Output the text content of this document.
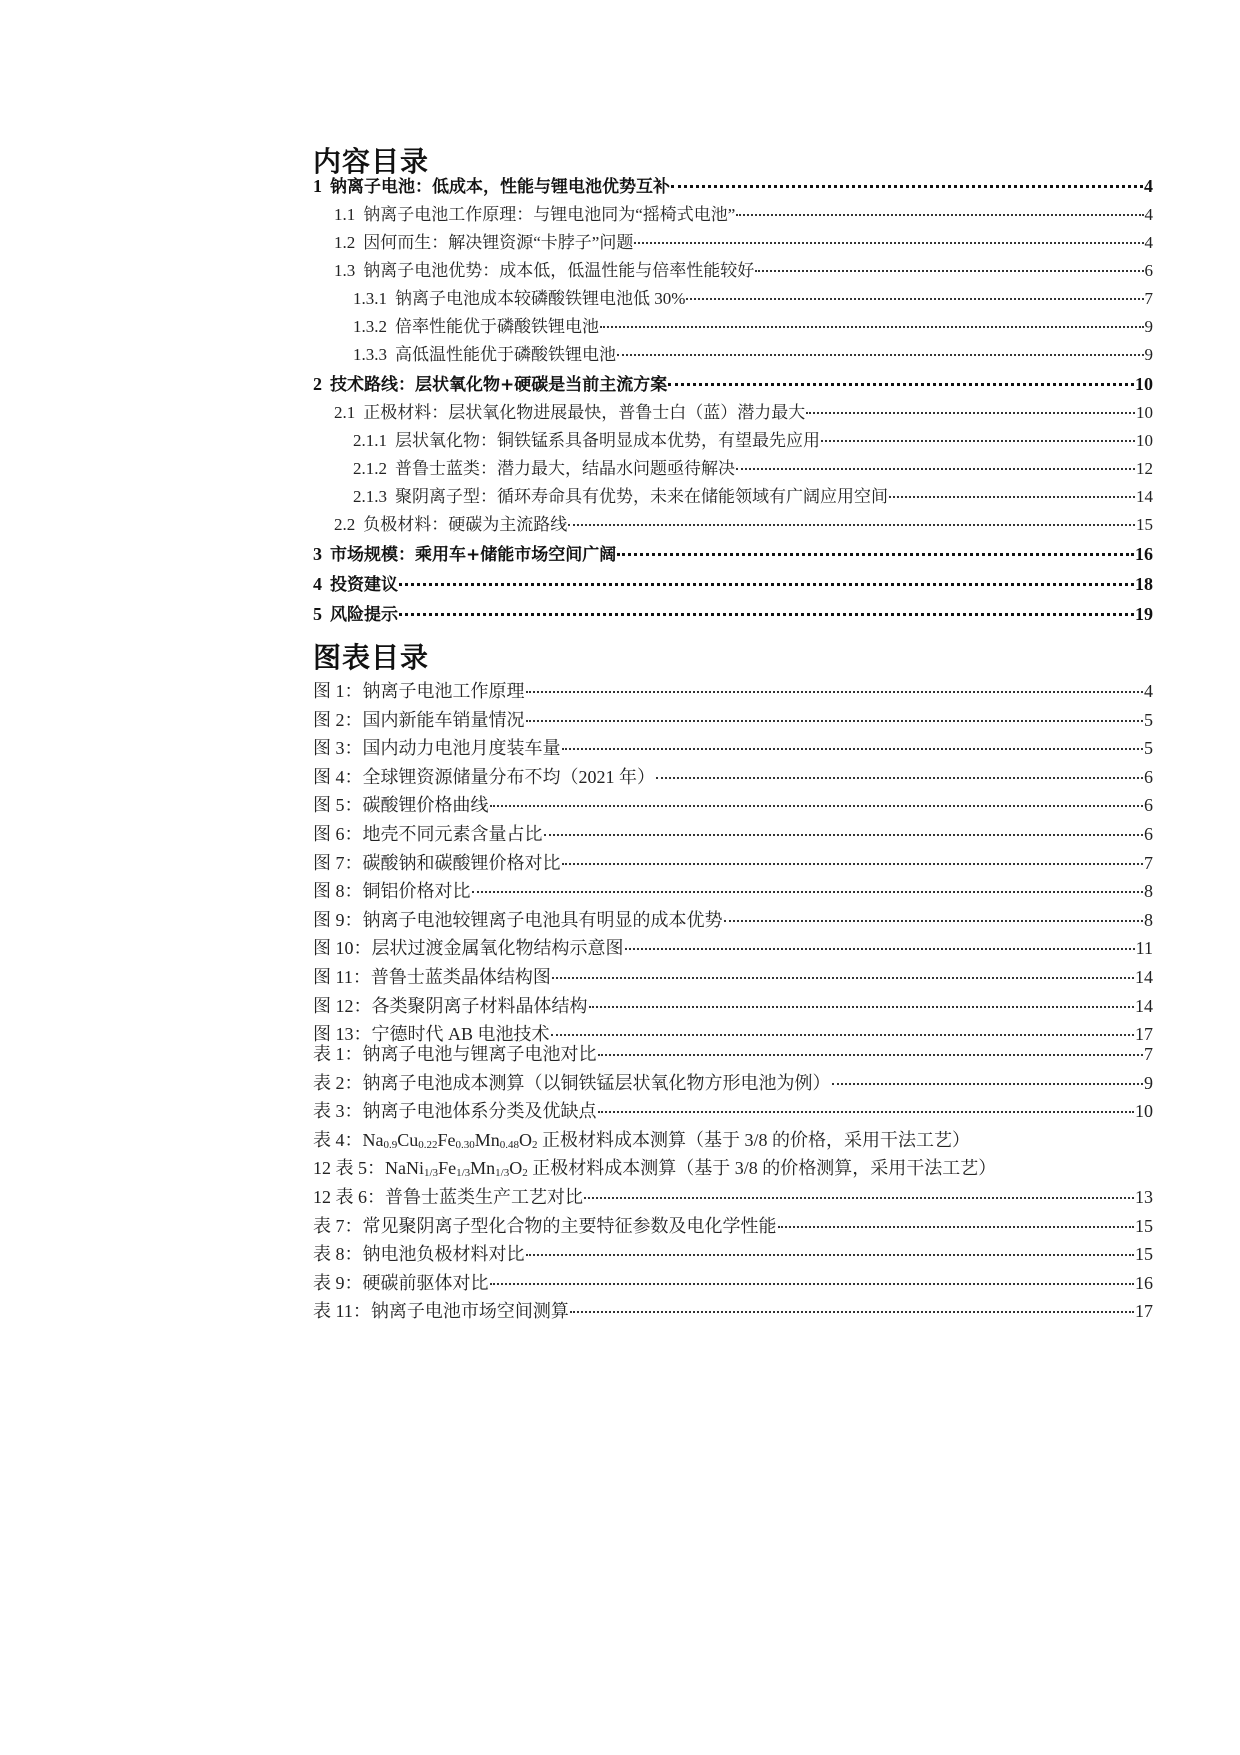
内容目录
1 钠离子电池：低成本，性能与锂电池优势互补	4
1.1 钠离子电池工作原理：与锂电池同为“摇椅式电池”	4
1.2 因何而生：解决锂资源“卡脖子”问题	4
1.3 钠离子电池优势：成本低，低温性能与倍率性能较好	6
1.3.1 钠离子电池成本较磷酸铁锂电池低 30%	7
1.3.2 倍率性能优于磷酸铁锂电池	9
1.3.3 高低温性能优于磷酸铁锂电池	9
2 技术路线：层状氧化物+硬碳是当前主流方案	10
2.1 正极材料：层状氧化物进展最快，普鲁士白（蓝）潜力最大	10
2.1.1 层状氧化物：铜铁锰系具备明显成本优势，有望最先应用	10
2.1.2 普鲁士蓝类：潜力最大，结晶水问题亟待解决	12
2.1.3 聚阴离子型：循环寿命具有优势，未来在储能领域有广阔应用空间	14
2.2 负极材料：硬碳为主流路线	15
3 市场规模：乘用车+储能市场空间广阔	16
4 投资建议	18
5 风险提示	19
图表目录
图 1：钠离子电池工作原理	4
图 2：国内新能车销量情况	5
图 3：国内动力电池月度装车量	5
图 4：全球锂资源储量分布不均（2021 年）	6
图 5：碳酸锂价格曲线	6
图 6：地壳不同元素含量占比	6
图 7：碳酸钠和碳酸锂价格对比	7
图 8：铜铝价格对比	8
图 9：钠离子电池较锂离子电池具有明显的成本优势	8
图 10：层状过渡金属氧化物结构示意图	11
图 11：普鲁士蓝类晶体结构图	14
图 12：各类聚阴离子材料晶体结构	14
图 13：宁德时代 AB 电池技术	17
表 1：钠离子电池与锂离子电池对比	7
表 2：钠离子电池成本测算（以铜铁锰层状氧化物方形电池为例）	9
表 3：钠离子电池体系分类及优缺点	10
表 4：$Na_{0.9}Cu_{0.22}Fe_{0.30}Mn_{0.48}O_2$ 正极材料成本测算（基于 3/8 的价格，采用干法工艺）
12 表 5：$NaNi_{1/3}Fe_{1/3}Mn_{1/3}O_2$ 正极材料成本测算（基于 3/8 的价格测算，采用干法工艺）
12 表 6：普鲁士蓝类生产工艺对比	13
表 7：常见聚阴离子型化合物的主要特征参数及电化学性能	15
表 8：钠电池负极材料对比	15
表 9：硬碳前驱体对比	16
表 11：钠离子电池市场空间测算	17
